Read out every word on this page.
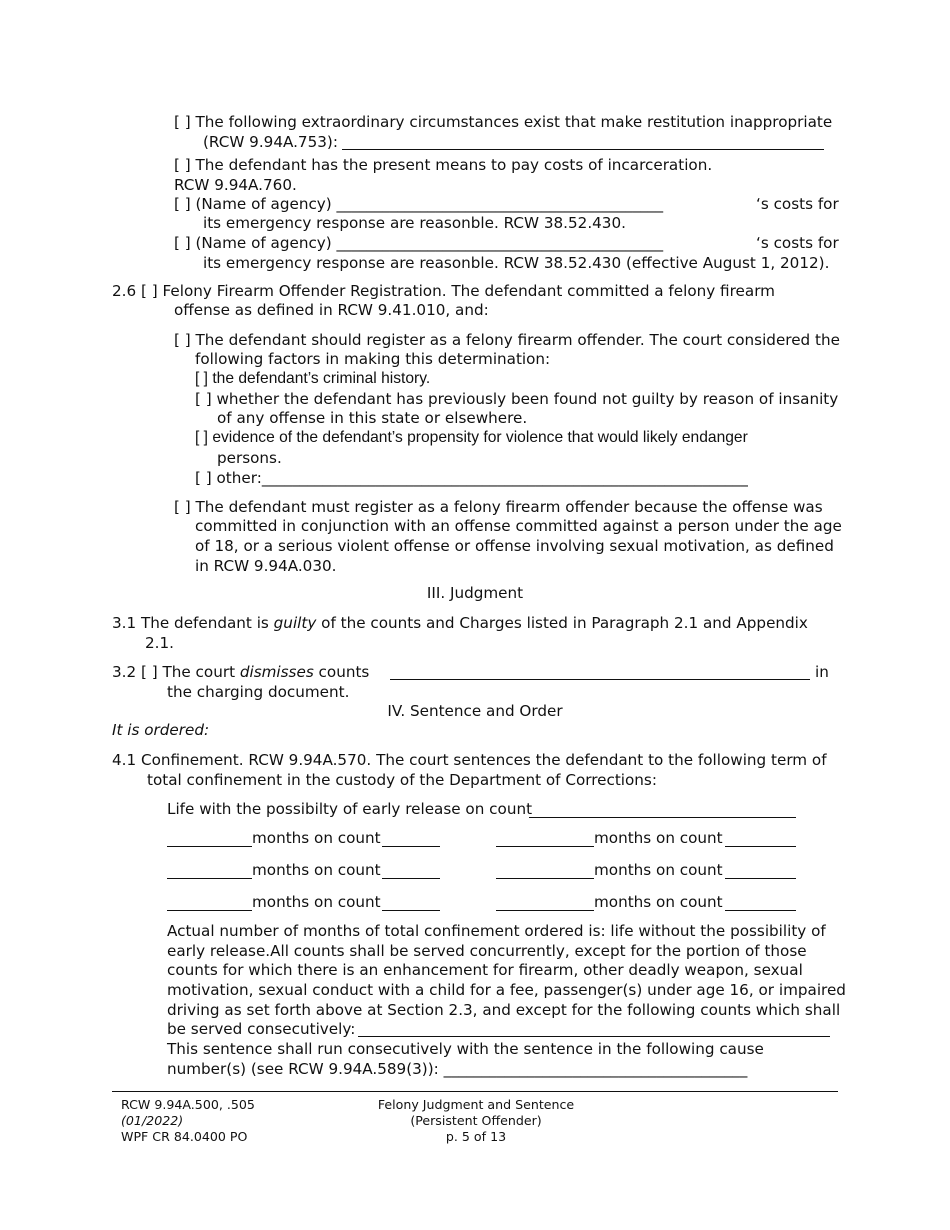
[ ] The following extraordinary circumstances exist that make restitution inappropriate
(RCW 9.94A.753):
[ ] The defendant has the present means to pay costs of incarceration.
RCW 9.94A.760.
[ ] (Name of agency) ___________________________________________	‘s costs for
its emergency response are reasonble. RCW 38.52.430.
[ ] (Name of agency) ___________________________________________	‘s costs for
its emergency response are reasonble. RCW 38.52.430 (effective August 1, 2012).
2.6 [ ] Felony Firearm Offender Registration. The defendant committed a felony firearm
offense as defined in RCW 9.41.010, and:
[ ] The defendant should register as a felony firearm offender. The court considered the
following factors in making this determination:
[ ] the defendant’s criminal history.
[ ] whether the defendant has previously been found not guilty by reason of insanity
of any offense in this state or elsewhere.
[ ] evidence of the defendant’s propensity for violence that would likely endanger
persons.
[ ] other:________________________________________________________________
[ ] The defendant must register as a felony firearm offender because the offense was
committed in conjunction with an offense committed against a person under the age
of 18, or a serious violent offense or offense involving sexual motivation, as defined
in RCW 9.94A.030.
III. Judgment
3.1 The defendant is guilty of the counts and Charges listed in Paragraph 2.1 and Appendix
2.1.
3.2 [ ] The court dismisses counts	in
the charging document.
IV. Sentence and Order
It is ordered:
4.1 Confinement. RCW 9.94A.570. The court sentences the defendant to the following term of
total confinement in the custody of the Department of Corrections:
Life with the possibilty of early release on count
months on count	months on count
months on count	months on count
months on count	months on count
Actual number of months of total confinement ordered is: life without the possibility of
early release.All counts shall be served concurrently, except for the portion of those
counts for which there is an enhancement for firearm, other deadly weapon, sexual
motivation, sexual conduct with a child for a fee, passenger(s) under age 16, or impaired
driving as set forth above at Section 2.3, and except for the following counts which shall
be served consecutively:
This sentence shall run consecutively with the sentence in the following cause
number(s) (see RCW 9.94A.589(3)): ________________________________________
RCW 9.94A.500, .505
(01/2022)
WPF CR 84.0400 PO
Felony Judgment and Sentence
(Persistent Offender)
p. 5 of 13
